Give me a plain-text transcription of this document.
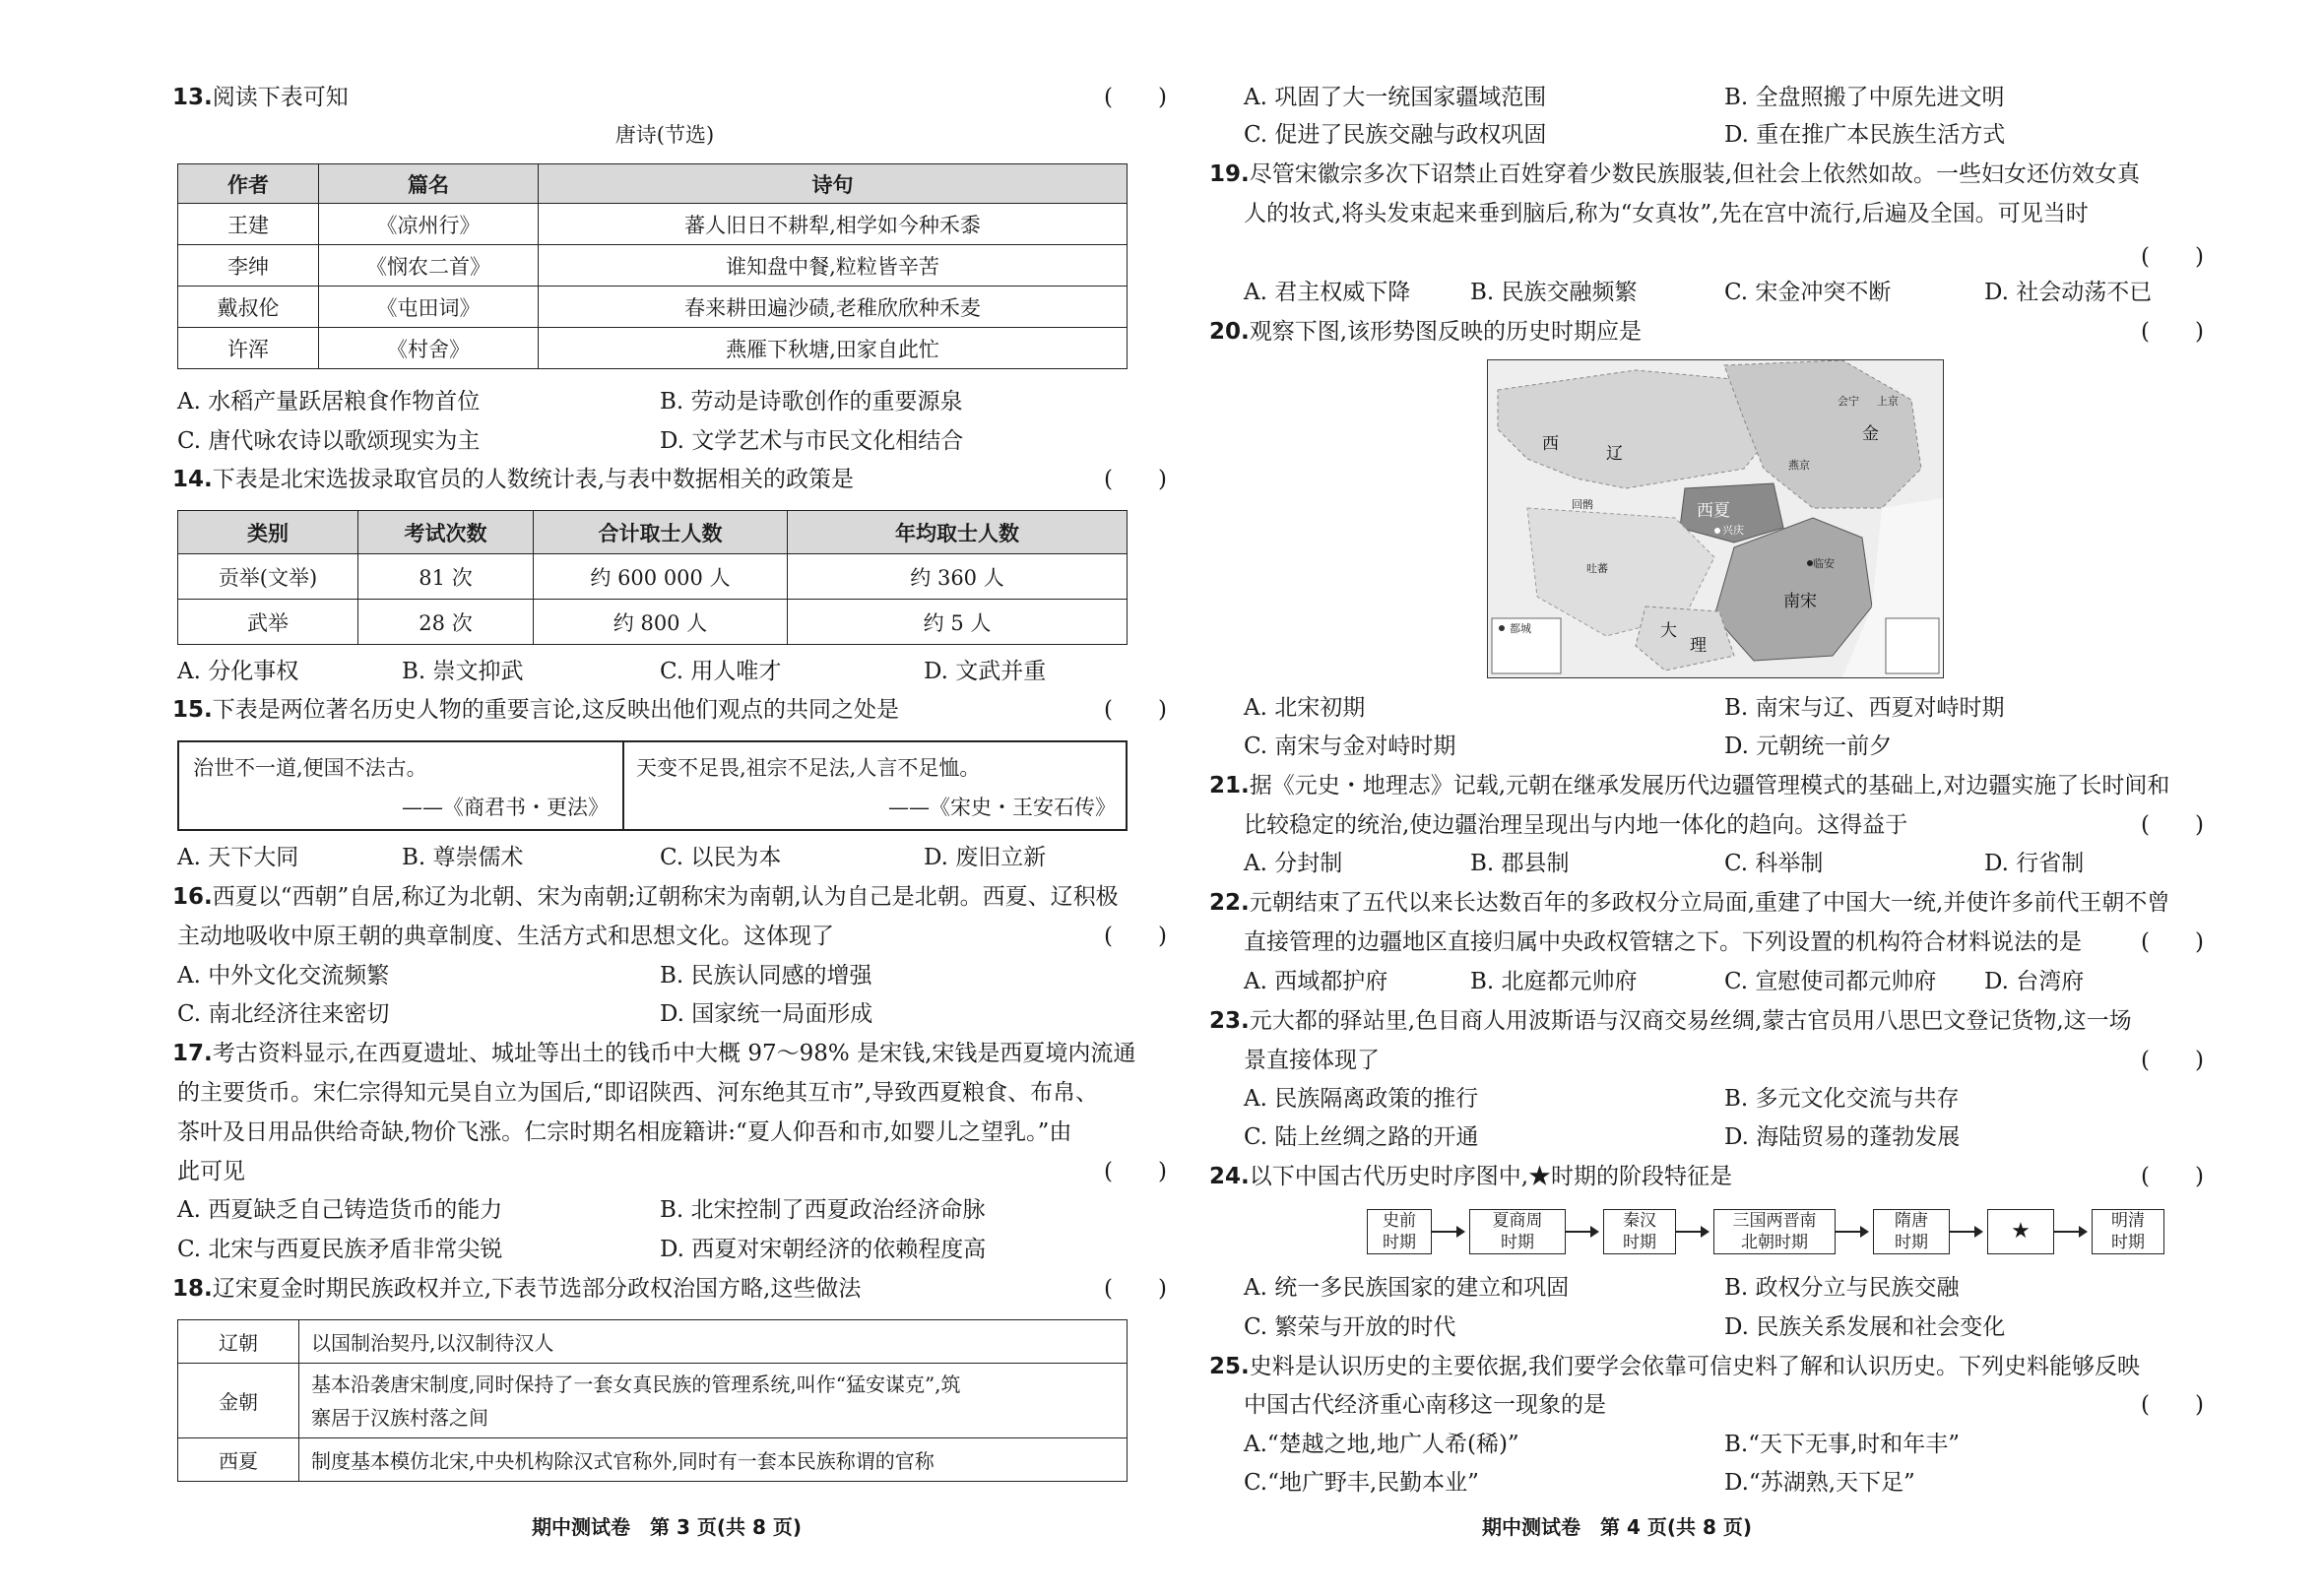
13.阅读下表可知	(　　)
唐诗(节选)
作者	篇名	诗句
王建	《凉州行》	蕃人旧日不耕犁,相学如今种禾黍
李绅	《悯农二首》	谁知盘中餐,粒粒皆辛苦
戴叔伦	《屯田词》	春来耕田遍沙碛,老稚欣欣种禾麦
许浑	《村舍》	燕雁下秋塘,田家自此忙
A. 水稻产量跃居粮食作物首位	B. 劳动是诗歌创作的重要源泉
C. 唐代咏农诗以歌颂现实为主	D. 文学艺术与市民文化相结合
14.下表是北宋选拔录取官员的人数统计表,与表中数据相关的政策是	(　　)
类别	考试次数	合计取士人数	年均取士人数
贡举(文举)	81 次	约 600 000 人	约 360 人
武举	28 次	约 800 人	约 5 人
A. 分化事权	B. 崇文抑武	C. 用人唯才	D. 文武并重
15.下表是两位著名历史人物的重要言论,这反映出他们观点的共同之处是	(　　)
治世不一道,便国不法古。
——《商君书・更法》
天变不足畏,祖宗不足法,人言不足恤。
——《宋史・王安石传》
A. 天下大同	B. 尊崇儒术	C. 以民为本	D. 废旧立新
16.西夏以“西朝”自居,称辽为北朝、宋为南朝;辽朝称宋为南朝,认为自己是北朝。西夏、辽积极
主动地吸收中原王朝的典章制度、生活方式和思想文化。这体现了	(　　)
A. 中外文化交流频繁	B. 民族认同感的增强
C. 南北经济往来密切	D. 国家统一局面形成
17.考古资料显示,在西夏遗址、城址等出土的钱币中大概 97～98% 是宋钱,宋钱是西夏境内流通
的主要货币。宋仁宗得知元昊自立为国后,“即诏陕西、河东绝其互市”,导致西夏粮食、布帛、
茶叶及日用品供给奇缺,物价飞涨。仁宗时期名相庞籍讲:“夏人仰吾和市,如婴儿之望乳。”由
此可见	(　　)
A. 西夏缺乏自己铸造货币的能力	B. 北宋控制了西夏政治经济命脉
C. 北宋与西夏民族矛盾非常尖锐	D. 西夏对宋朝经济的依赖程度高
18.辽宋夏金时期民族政权并立,下表节选部分政权治国方略,这些做法	(　　)
辽朝	以国制治契丹,以汉制待汉人
金朝	基本沿袭唐宋制度,同时保持了一套女真民族的管理系统,叫作“猛安谋克”,筑
寨居于汉族村落之间

西夏	制度基本模仿北宋,中央机构除汉式官称外,同时有一套本民族称谓的官称
期中测试卷　第 3 页(共 8 页)
A. 巩固了大一统国家疆域范围	B. 全盘照搬了中原先进文明
C. 促进了民族交融与政权巩固	D. 重在推广本民族生活方式
19.尽管宋徽宗多次下诏禁止百姓穿着少数民族服装,但社会上依然如故。一些妇女还仿效女真
人的妆式,将头发束起来垂到脑后,称为“女真妆”,先在宫中流行,后遍及全国。可见当时
(　　)
A. 君主权威下降	B. 民族交融频繁	C. 宋金冲突不断	D. 社会动荡不已
20.观察下图,该形势图反映的历史时期应是	(　　)
A. 北宋初期	B. 南宋与辽、西夏对峙时期
C. 南宋与金对峙时期	D. 元朝统一前夕
21.据《元史・地理志》记载,元朝在继承发展历代边疆管理模式的基础上,对边疆实施了长时间和
比较稳定的统治,使边疆治理呈现出与内地一体化的趋向。这得益于	(　　)
A. 分封制	B. 郡县制	C. 科举制	D. 行省制
22.元朝结束了五代以来长达数百年的多政权分立局面,重建了中国大一统,并使许多前代王朝不曾
直接管理的边疆地区直接归属中央政权管辖之下。下列设置的机构符合材料说法的是	(　　)
A. 西域都护府	B. 北庭都元帅府	C. 宣慰使司都元帅府 D. 台湾府
23.元大都的驿站里,色目商人用波斯语与汉商交易丝绸,蒙古官员用八思巴文登记货物,这一场
景直接体现了	(　　)
A. 民族隔离政策的推行	B. 多元文化交流与共存
C. 陆上丝绸之路的开通	D. 海陆贸易的蓬勃发展
24.以下中国古代历史时序图中,★时期的阶段特征是	(　　)
史前
时期
夏商周
时期
秦汉
时期
三国两晋南
北朝时期
隋唐
时期	★	明清
时期
A. 统一多民族国家的建立和巩固	B. 政权分立与民族交融
C. 繁荣与开放的时代	D. 民族关系发展和社会变化
25.史料是认识历史的主要依据,我们要学会依靠可信史料了解和认识历史。下列史料能够反映
中国古代经济重心南移这一现象的是	(　　)
A.“楚越之地,地广人希(稀)”	B.“天下无事,时和年丰”
C.“地广野丰,民勤本业”	D.“苏湖熟,天下足”
都城
西	辽
金
西夏
兴庆
南宋
临安
大
理
吐蕃
回鹘
燕京
会宁 上京
期中测试卷　第 4 页(共 8 页)
